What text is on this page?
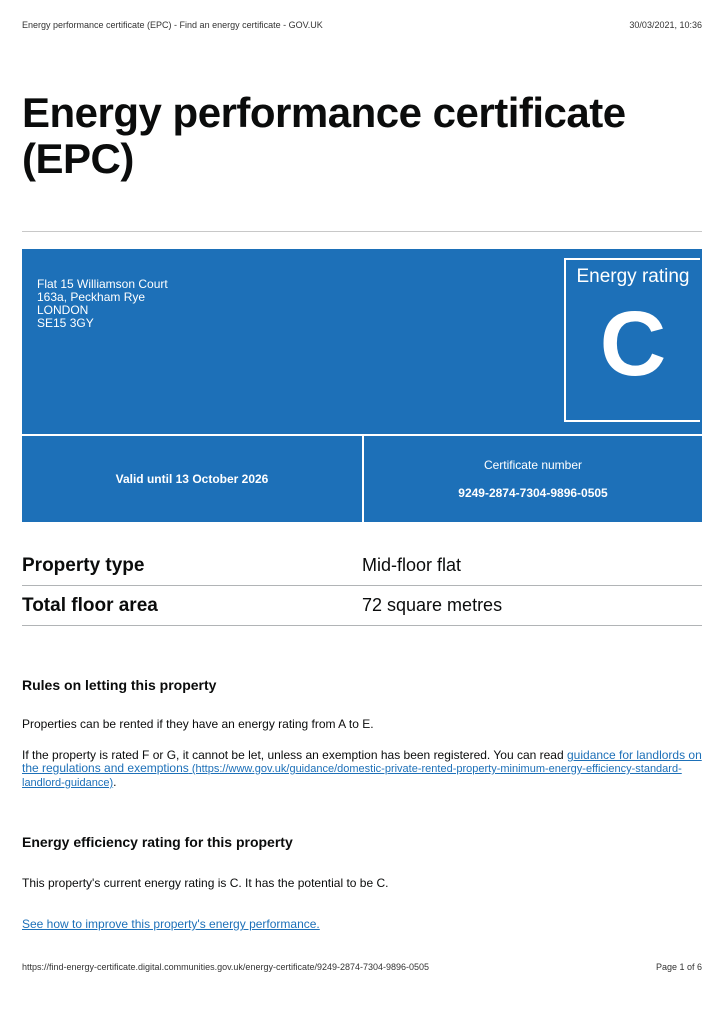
Energy performance certificate (EPC) - Find an energy certificate - GOV.UK	30/03/2021, 10:36
Energy performance certificate (EPC)
Flat 15 Williamson Court
163a, Peckham Rye
LONDON
SE15 3GY
Energy rating
C
Valid until 13 October 2026
Certificate number
9249-2874-7304-9896-0505
Property type	Mid-floor flat
Total floor area	72 square metres
Rules on letting this property

Properties can be rented if they have an energy rating from A to E.

If the property is rated F or G, it cannot be let, unless an exemption has been registered. You can read guidance for landlords on the regulations and exemptions (https://www.gov.uk/guidance/domestic-private-rented-property-minimum-energy-efficiency-standard-landlord-guidance).

Energy efficiency rating for this property

This property's current energy rating is C. It has the potential to be C.

See how to improve this property's energy performance.

https://find-energy-certificate.digital.communities.gov.uk/energy-certificate/9249-2874-7304-9896-0505	Page 1 of 6
